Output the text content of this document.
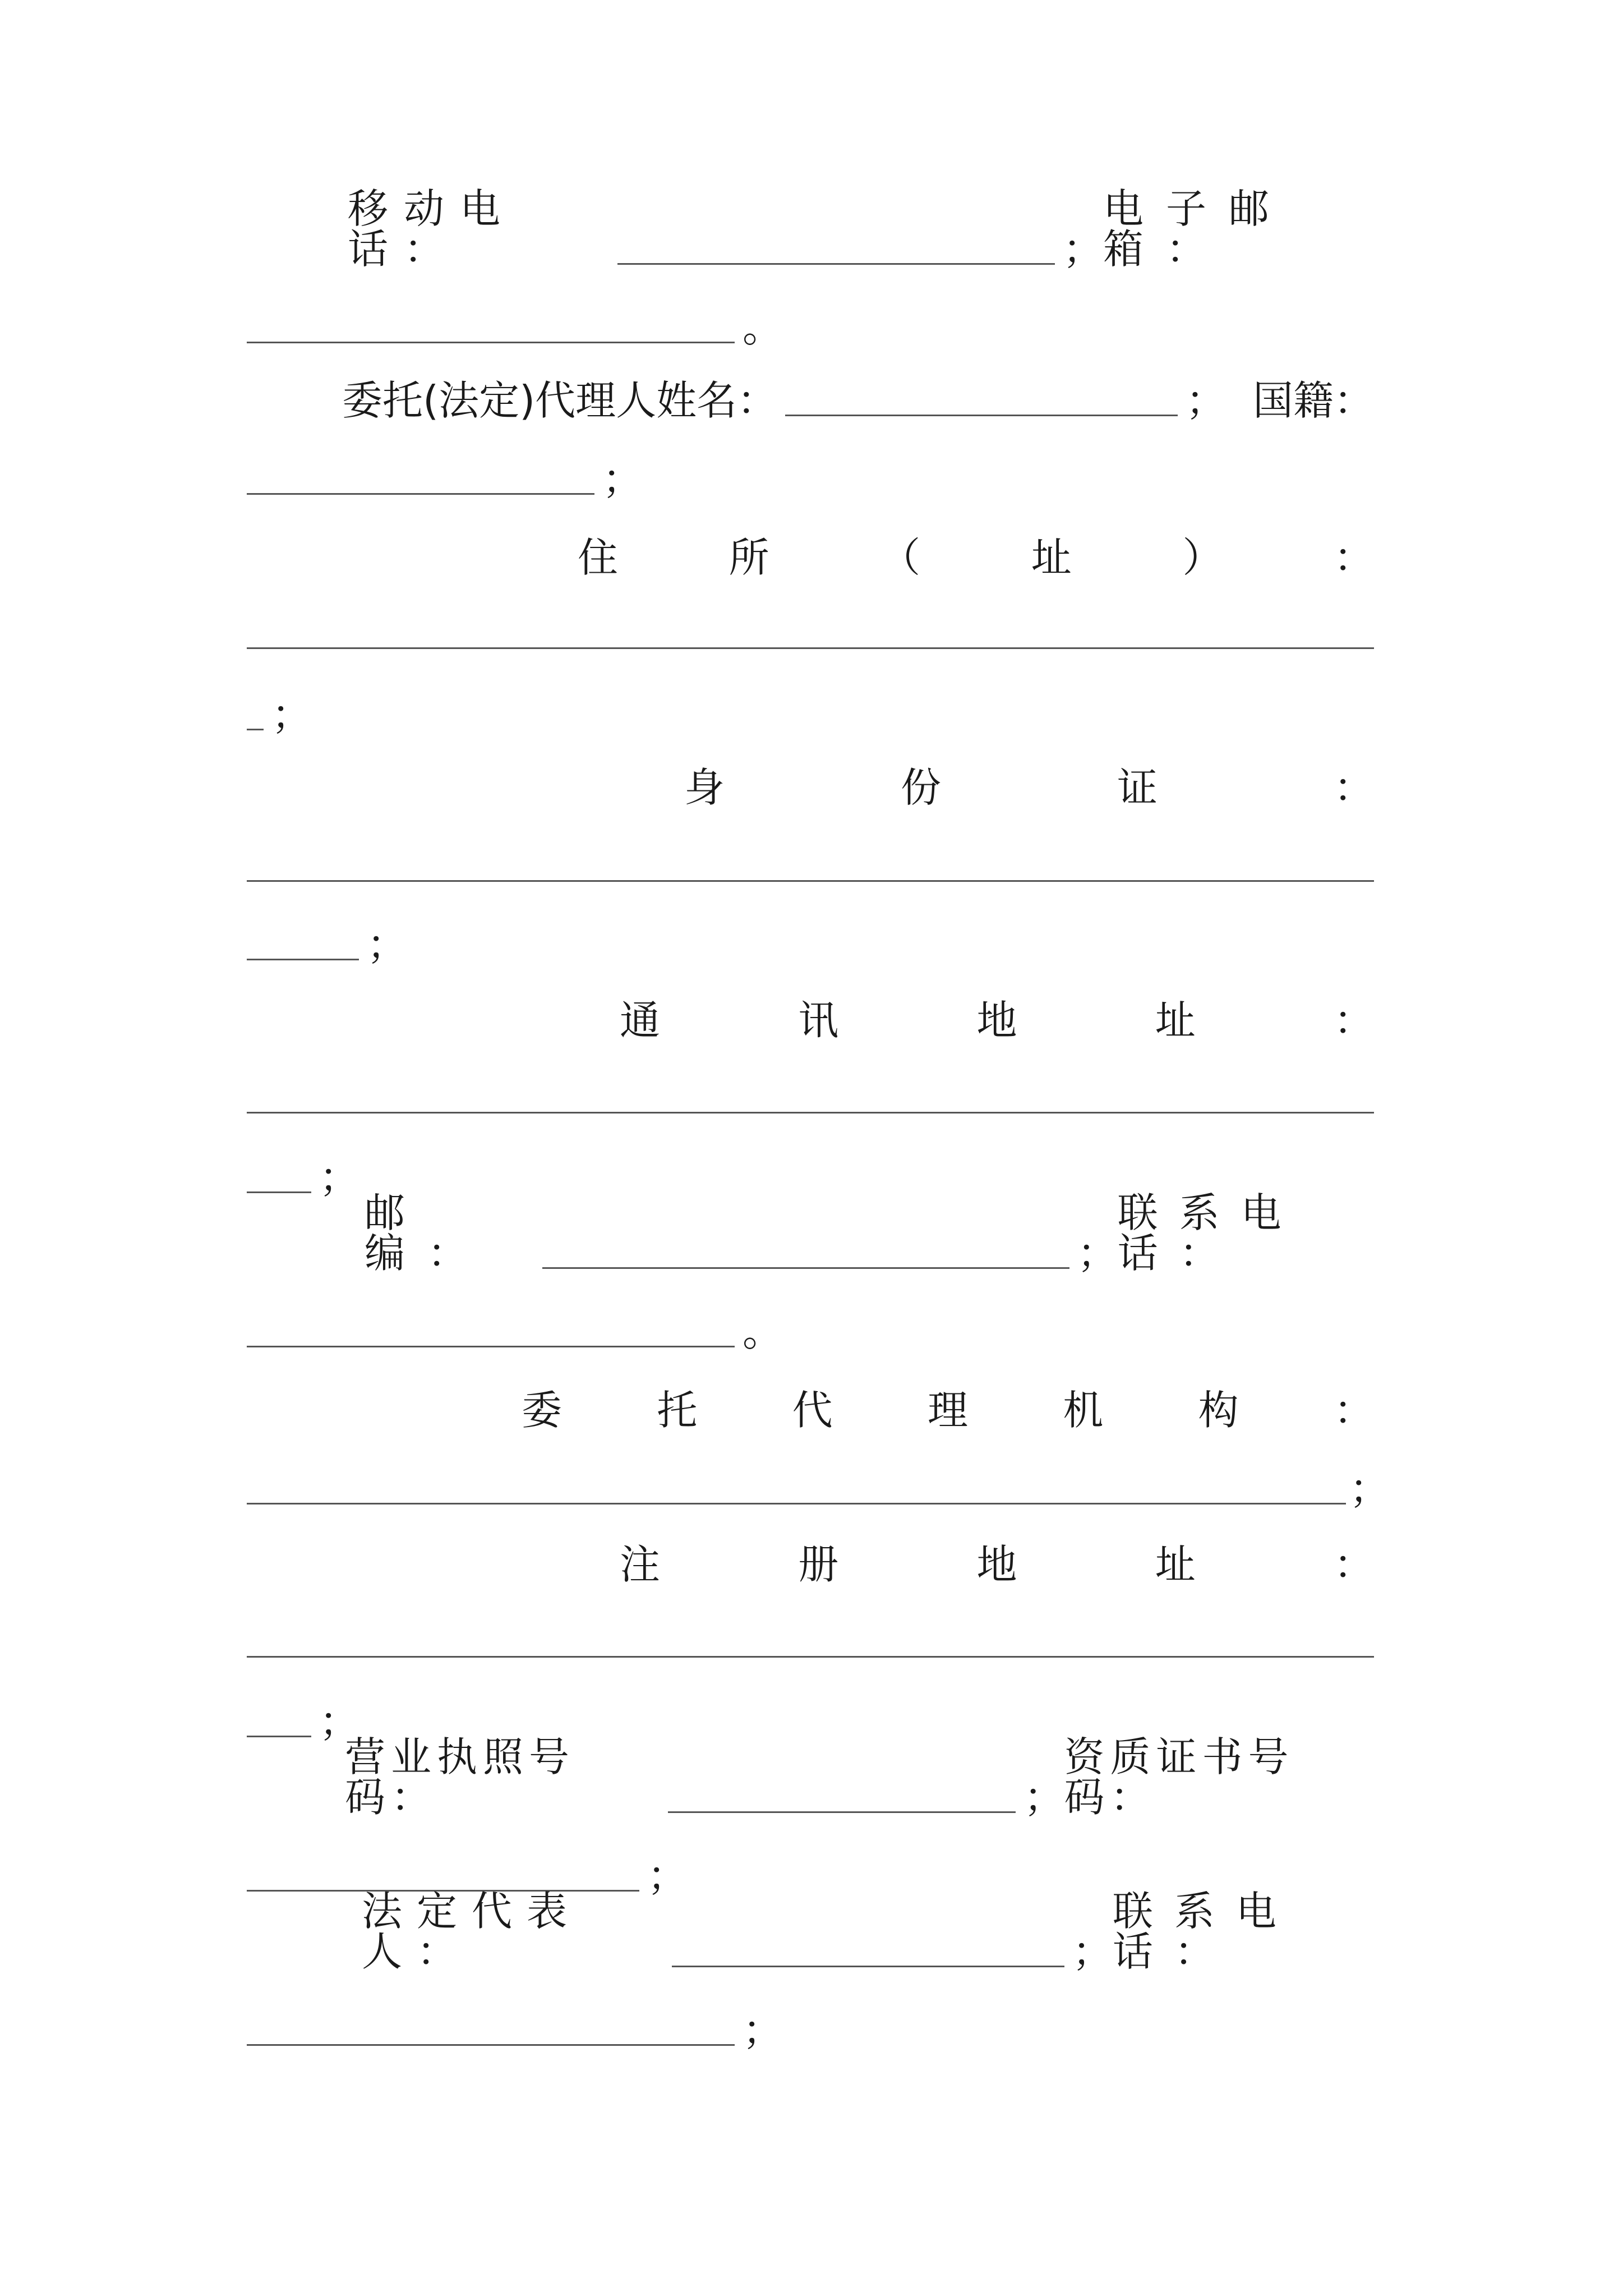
移动电话：	；
电子邮箱：
。
委托(法定)代理人姓名：	； 国籍：
；
住	所	（	址	）	：
；
身	份	证	：
；
通	讯	地	址	：
；
邮编：	；
联系电话：
。
委 托 代 理 机 构 ：
；
注	册	地	址	：
；
营业执照号码：	；
资质证书号码：
；
法定代表人：	；
联系电话：
；
